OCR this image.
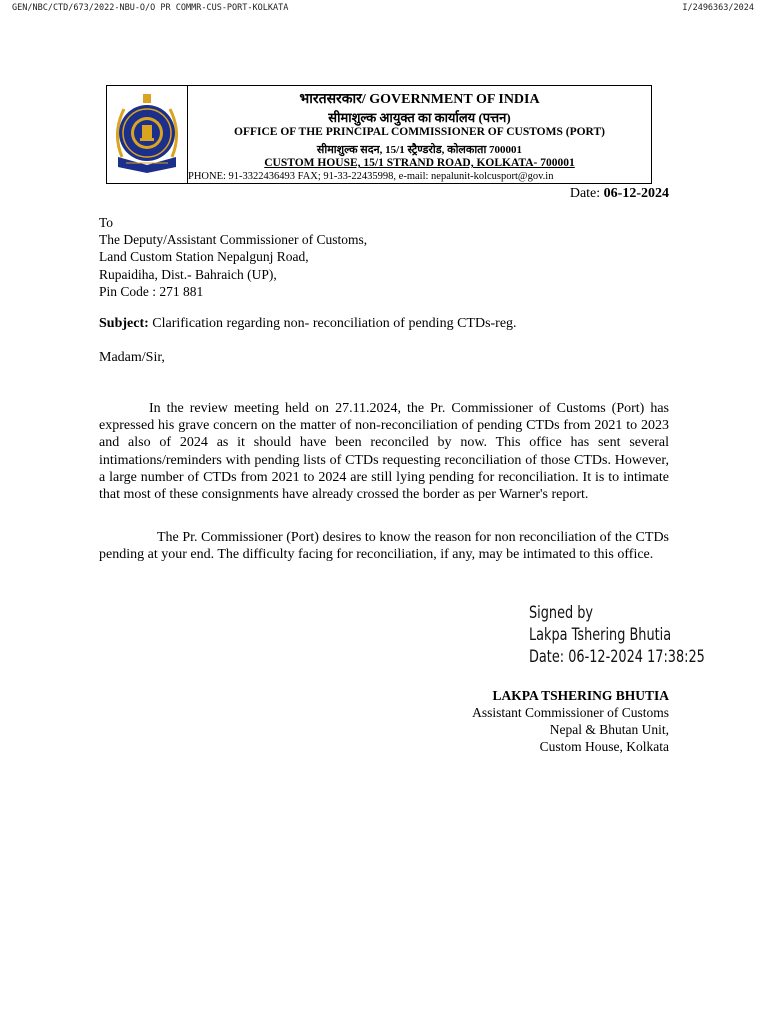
GEN/NBC/CTD/673/2022-NBU-O/O PR COMMR-CUS-PORT-KOLKATA	I/2496363/2024
भारतसरकार/ GOVERNMENT OF INDIA
सीमाशुल्क आयुक्त का कार्यालय (पत्तन)
OFFICE OF THE PRINCIPAL COMMISSIONER OF CUSTOMS (PORT)
सीमाशुल्क सदन, 15/1 स्ट्रैण्डरोड, कोलकाता 700001
CUSTOM HOUSE, 15/1 STRAND ROAD, KOLKATA- 700001
PHONE: 91-3322436493 FAX; 91-33-22435998, e-mail: nepalunit-kolcusport@gov.in
Date: 06-12-2024
To
The Deputy/Assistant Commissioner of Customs,
Land Custom Station Nepalgunj Road,
Rupaidiha, Dist.- Bahraich (UP),
Pin Code : 271 881
Subject: Clarification regarding non- reconciliation of pending CTDs-reg.
Madam/Sir,
In the review meeting held on 27.11.2024, the Pr. Commissioner of Customs (Port) has expressed his grave concern on the matter of non-reconciliation of pending CTDs from 2021 to 2023 and also of 2024 as it should have been reconciled by now. This office has sent several intimations/reminders with pending lists of CTDs requesting reconciliation of those CTDs. However, a large number of CTDs from 2021 to 2024 are still lying pending for reconciliation. It is to intimate that most of these consignments have already crossed the border as per Warner's report.
The Pr. Commissioner (Port) desires to know the reason for non reconciliation of the CTDs pending at your end. The difficulty facing for reconciliation, if any, may be intimated to this office.
Signed by
Lakpa Tshering Bhutia
Date: 06-12-2024 17:38:25
LAKPA TSHERING BHUTIA
Assistant Commissioner of Customs
Nepal & Bhutan Unit,
Custom House, Kolkata
